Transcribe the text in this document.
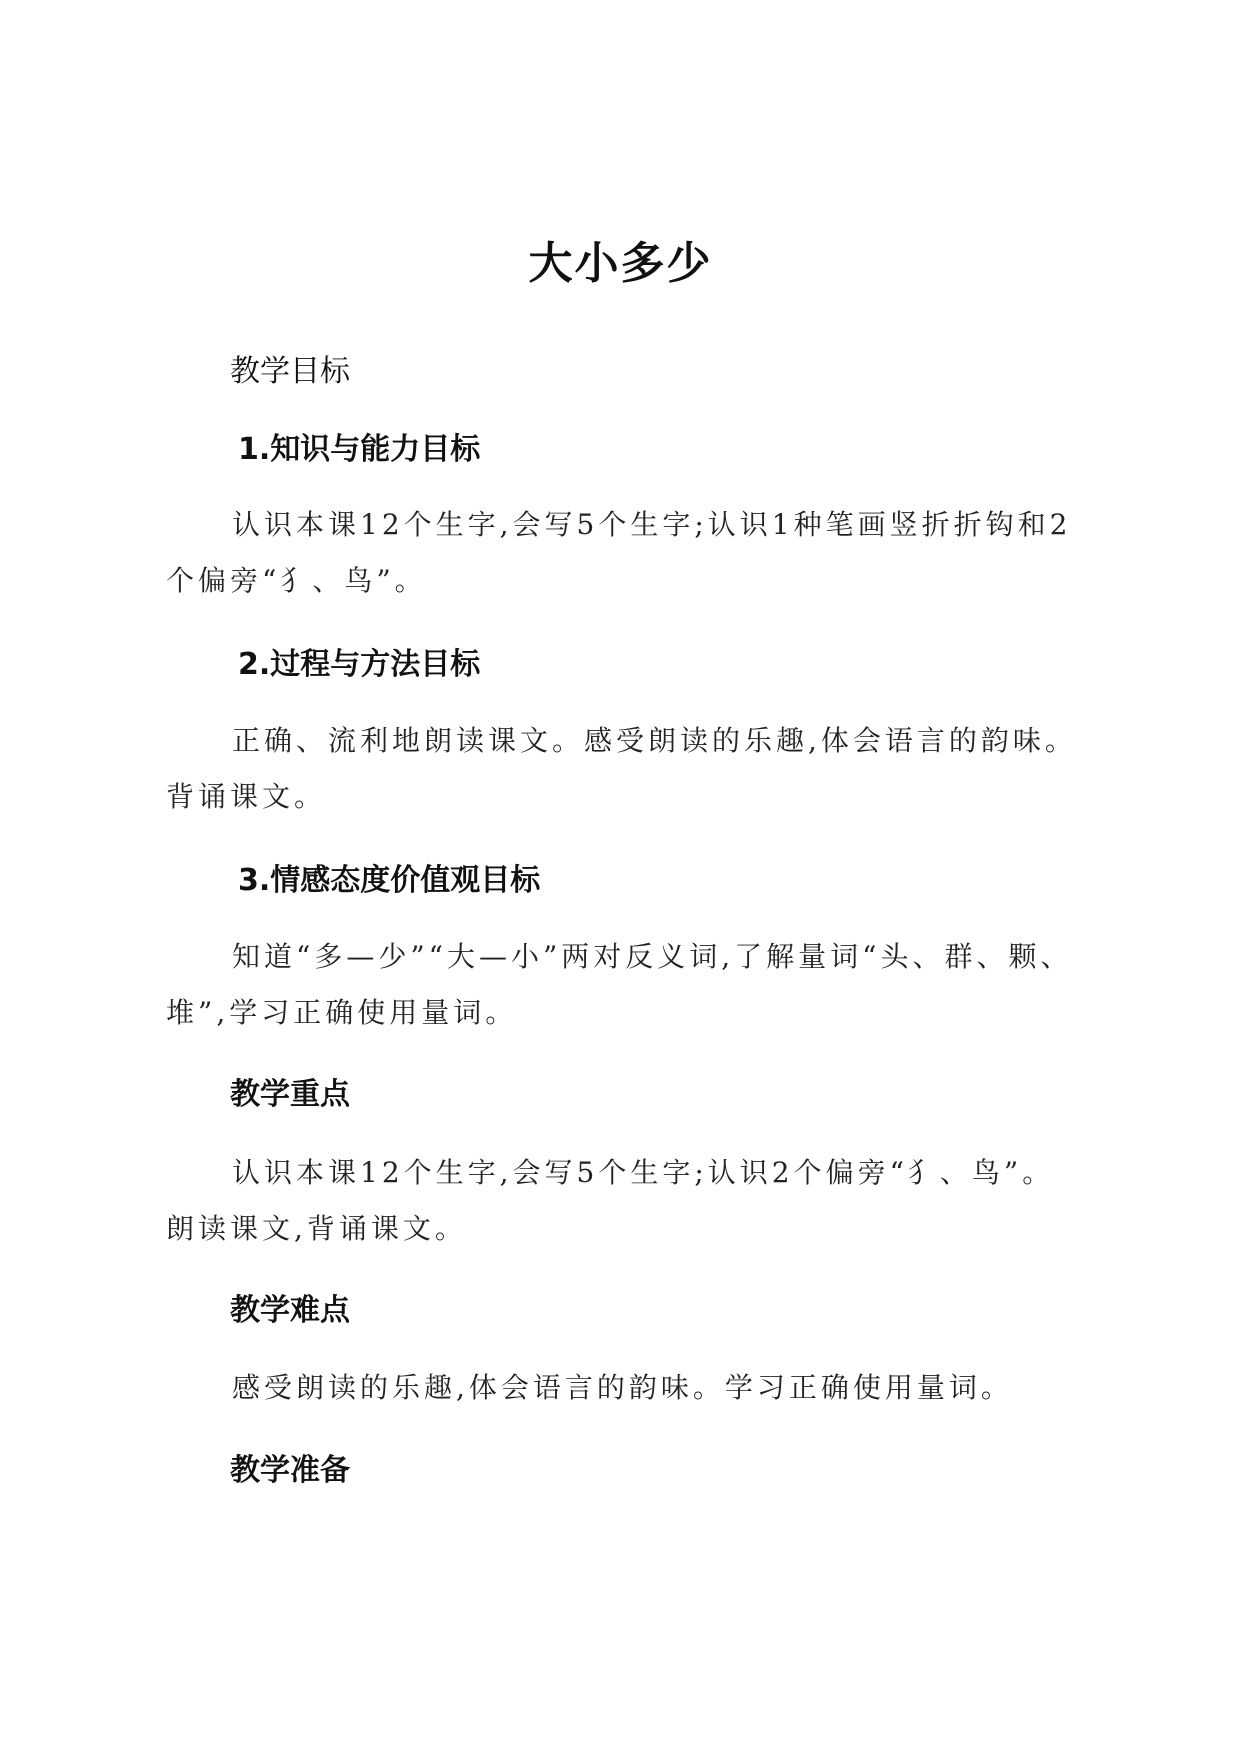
大小多少

教学目标

1.知识与能力目标

认识本课12个生字,会写5个生字;认识1种笔画竖折折钩和2个偏旁“犭、鸟”。

2.过程与方法目标

正确、流利地朗读课文。感受朗读的乐趣,体会语言的韵味。背诵课文。

3.情感态度价值观目标

知道“多—少”“大—小”两对反义词,了解量词“头、群、颗、堆”,学习正确使用量词。

教学重点

认识本课12个生字,会写5个生字;认识2个偏旁“犭、鸟”。朗读课文,背诵课文。

教学难点

感受朗读的乐趣,体会语言的韵味。学习正确使用量词。

教学准备
